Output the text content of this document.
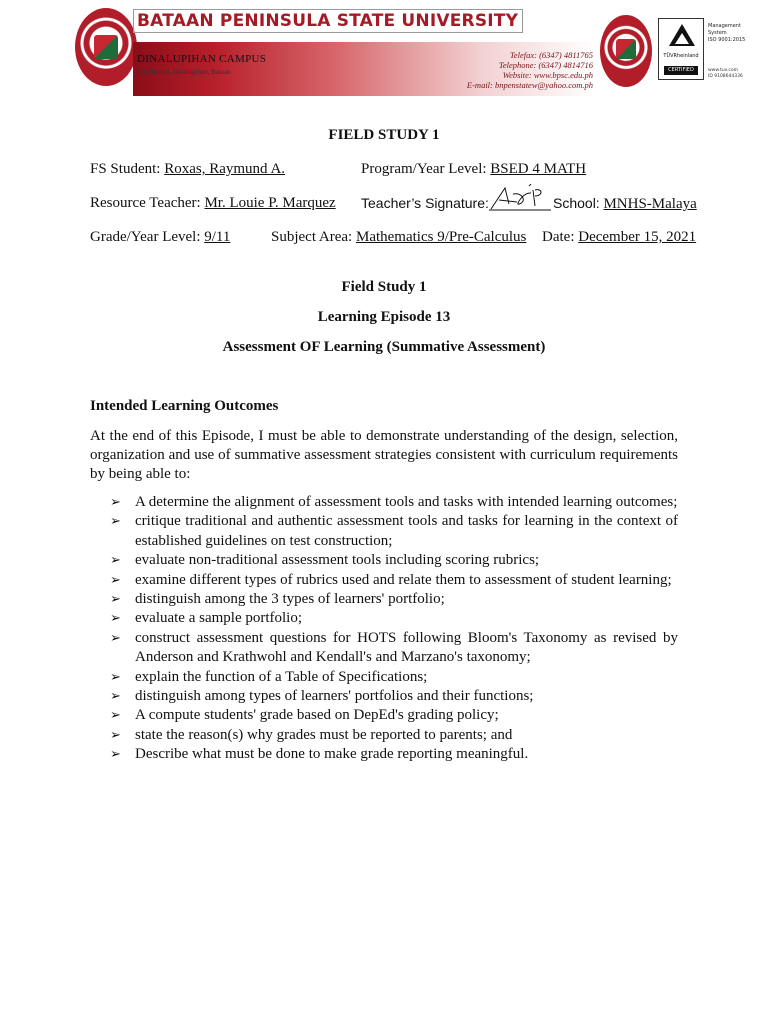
BATAAN PENINSULA STATE UNIVERSITY
DINALUPIHAN CAMPUS
San Ramon, Dinalupihan, Bataan
Telefax: (6347) 4811765
Telephone: (6347) 4814716
Website: www.bpsc.edu.ph
E-mail: bnpenstatew@yahoo.com.ph
TÜVRheinland
CERTIFIED
Management
System
ISO 9001:2015
www.tuv.com
ID 9108644336
FIELD STUDY 1
FS Student: Roxas, Raymund A.	Program/Year Level: BSED 4 MATH
Resource Teacher: Mr. Louie P. Marquez Teacher’s Signature:	School: MNHS-Malaya
Grade/Year Level: 9/11	Subject Area: Mathematics 9/Pre-Calculus Date: December 15, 2021
Field Study 1
Learning Episode 13
Assessment OF Learning (Summative Assessment)
Intended Learning Outcomes
At the end of this Episode, I must be able to demonstrate understanding of the design, selection, organization and use of summative assessment strategies consistent with curriculum requirements by being able to:
➢ A determine the alignment of assessment tools and tasks with intended learning outcomes;
➢ critique traditional and authentic assessment tools and tasks for learning in the context of established guidelines on test construction;
➢ evaluate non-traditional assessment tools including scoring rubrics;
➢ examine different types of rubrics used and relate them to assessment of student learning;
➢ distinguish among the 3 types of learners' portfolio;
➢ evaluate a sample portfolio;
➢ construct assessment questions for HOTS following Bloom's Taxonomy as revised by Anderson and Krathwohl and Kendall's and Marzano's taxonomy;
➢ explain the function of a Table of Specifications;
➢ distinguish among types of learners' portfolios and their functions;
➢ A compute students' grade based on DepEd's grading policy;
➢ state the reason(s) why grades must be reported to parents; and
➢ Describe what must be done to make grade reporting meaningful.
